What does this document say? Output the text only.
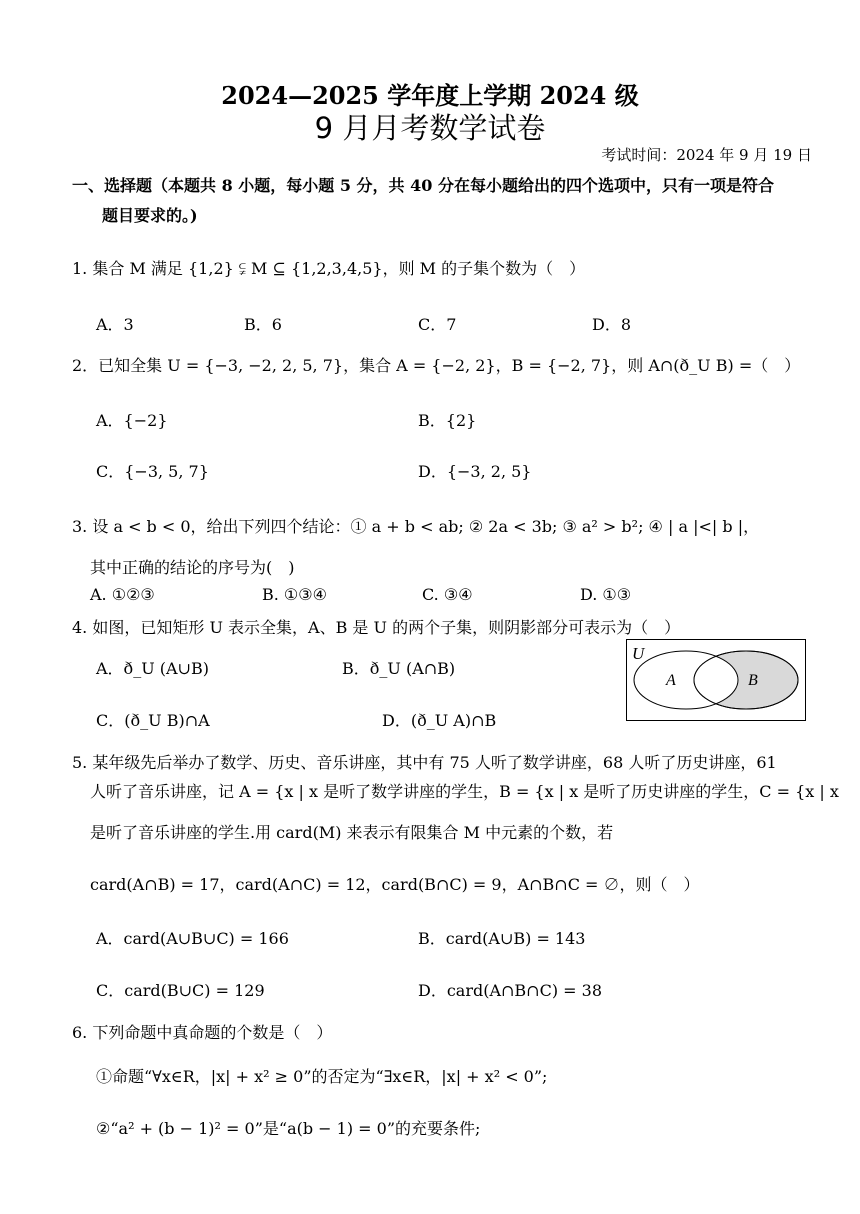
2024—2025 学年度上学期 2024 级
9 月月考数学试卷
考试时间：2024 年 9 月 19 日
一、选择题（本题共 8 小题，每小题 5 分，共 40 分在每小题给出的四个选项中，只有一项是符合
题目要求的。)
1. 集合 M 满足 {1,2} ⫋ M ⊆ {1,2,3,4,5}，则 M 的子集个数为（　）
A．3	B．6	C．7	D．8
2．已知全集 U = {−3, −2, 2, 5, 7}，集合 A = {−2, 2}，B = {−2, 7}，则 A∩(ð_U B) =（　）
A．{−2}	B．{2}
C．{−3, 5, 7}	D．{−3, 2, 5}
3. 设 a < b < 0，给出下列四个结论：① a + b < ab; ② 2a < 3b; ③ a² > b²; ④ | a |<| b |，
其中正确的结论的序号为(　)
A. ①②③	B. ①③④	C. ③④	D. ①③
4. 如图，已知矩形 U 表示全集，A、B 是 U 的两个子集，则阴影部分可表示为（　）
A．ð_U (A∪B)	B．ð_U (A∩B)
C．(ð_U B)∩A	D．(ð_U A)∩B
U
A	B
5. 某年级先后举办了数学、历史、音乐讲座，其中有 75 人听了数学讲座，68 人听了历史讲座，61
人听了音乐讲座，记 A = {x | x 是听了数学讲座的学生，B = {x | x 是听了历史讲座的学生，C = {x | x
是听了音乐讲座的学生.用 card(M) 来表示有限集合 M 中元素的个数，若
card(A∩B) = 17，card(A∩C) = 12，card(B∩C) = 9，A∩B∩C = ∅，则（　）
A．card(A∪B∪C) = 166	B．card(A∪B) = 143
C．card(B∪C) = 129	D．card(A∩B∩C) = 38
6. 下列命题中真命题的个数是（　）
①命题“∀x∈R，|x| + x² ≥ 0”的否定为“∃x∈R，|x| + x² < 0”;
②“a² + (b − 1)² = 0”是“a(b − 1) = 0”的充要条件;
